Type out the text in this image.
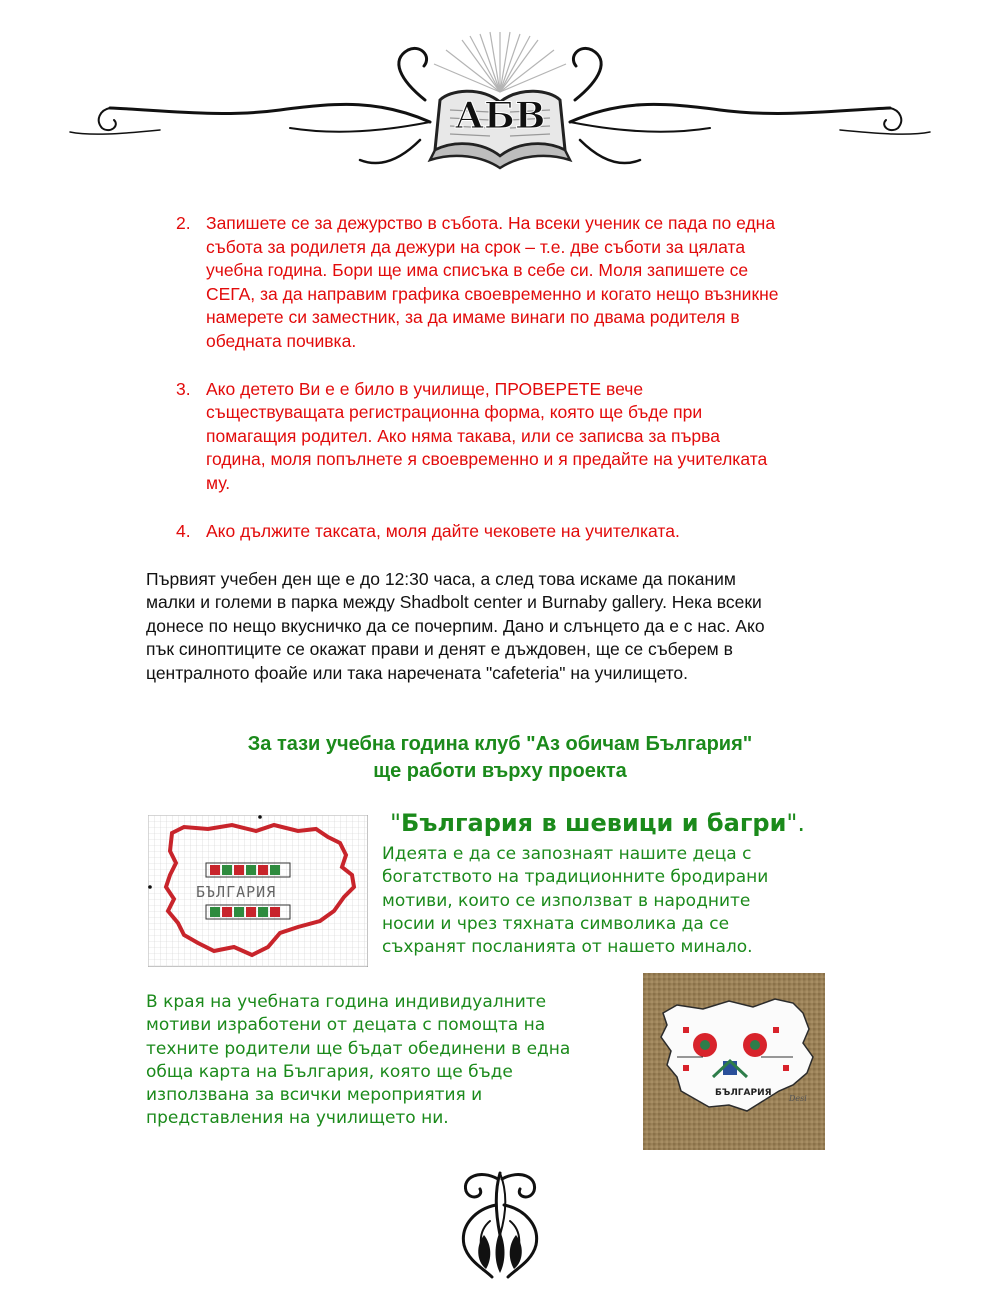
АБВ
2. Запишете се за дежурство в събота. На всеки ученик се пада по една
събота за родилетя да дежури на срок – т.е. две съботи за цялата
учебна година. Бори ще има списъка в себе си. Моля запишете се
СЕГА, за да направим графика своевременно и когато нещо възникне
намерете си заместник, за да имаме винаги по двама родителя в
обедната почивка.
3. Ако детето Ви е е било в училище, ПРОВЕРЕТЕ вече
съществуващата регистрационна форма, която ще бъде при
помагащия родител. Ако няма такава, или се записва за първа
година, моля попълнете я своевременно и я предайте на учителката
му.
4. Ако дължите таксата, моля дайте чековете на учителката.
Първият учебен ден ще е до 12:30 часа, а след това искаме да поканим
малки и големи в парка между Shadbolt center и Burnaby gallery. Нека всеки
донесе по нещо вкусничко да се почерпим. Дано и слънцето да е с нас. Ако
пък синоптиците се окажат прави и денят е дъждовен, ще се съберем в
централното фоайе или така наречената "cafeteria" на училището.
За тази учебна година клуб "Аз обичам България"
ще работи върху проекта
БЪЛГАРИЯ
"България в шевици и багри".
Идеята е да се запознаят нашите деца с
богатството на традиционните бродирани
мотиви, които се използват в народните
носии и чрез тяхната символика да се
съхранят посланията от нашето минало.
В края на учебната година индивидуалните
мотиви изработени от децата с помощта на
техните родители ще бъдат обединени в една
обща карта на България, която ще бъде
използвана за всички мероприятия и
представления на училището ни.
БЪЛГАРИЯ
Desi
